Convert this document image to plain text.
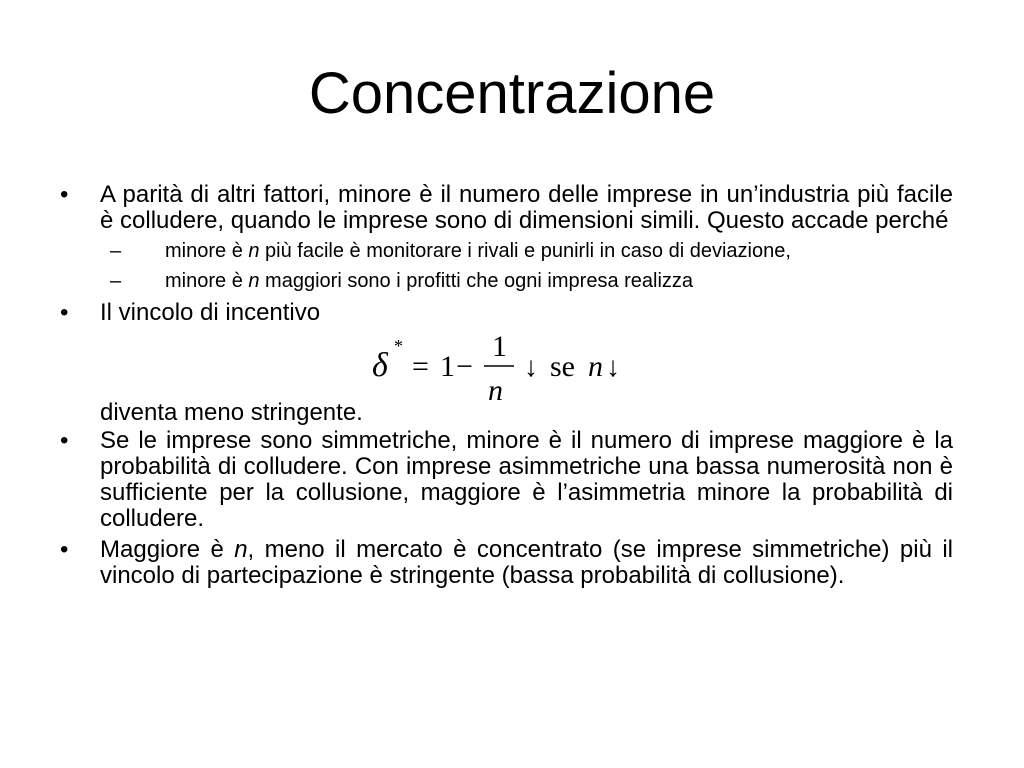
Concentrazione
• A parità di altri fattori, minore è il numero delle imprese in un’industria più facile è colludere, quando le imprese sono di dimensioni simili. Questo accade perché
– minore è n più facile è monitorare i rivali e punirli in caso di deviazione,
– minore è n maggiori sono i profitti che ogni impresa realizza
• Il vincolo di incentivo
δ
*
= 1 −
1
n
↓ se n ↓
diventa meno stringente.
• Se le imprese sono simmetriche, minore è il numero di imprese maggiore è la probabilità di colludere. Con imprese asimmetriche una bassa numerosità non è sufficiente per la collusione, maggiore è l’asimmetria minore la probabilità di colludere.
• Maggiore è n, meno il mercato è concentrato (se imprese simmetriche) più il vincolo di partecipazione è stringente (bassa probabilità di collusione).
